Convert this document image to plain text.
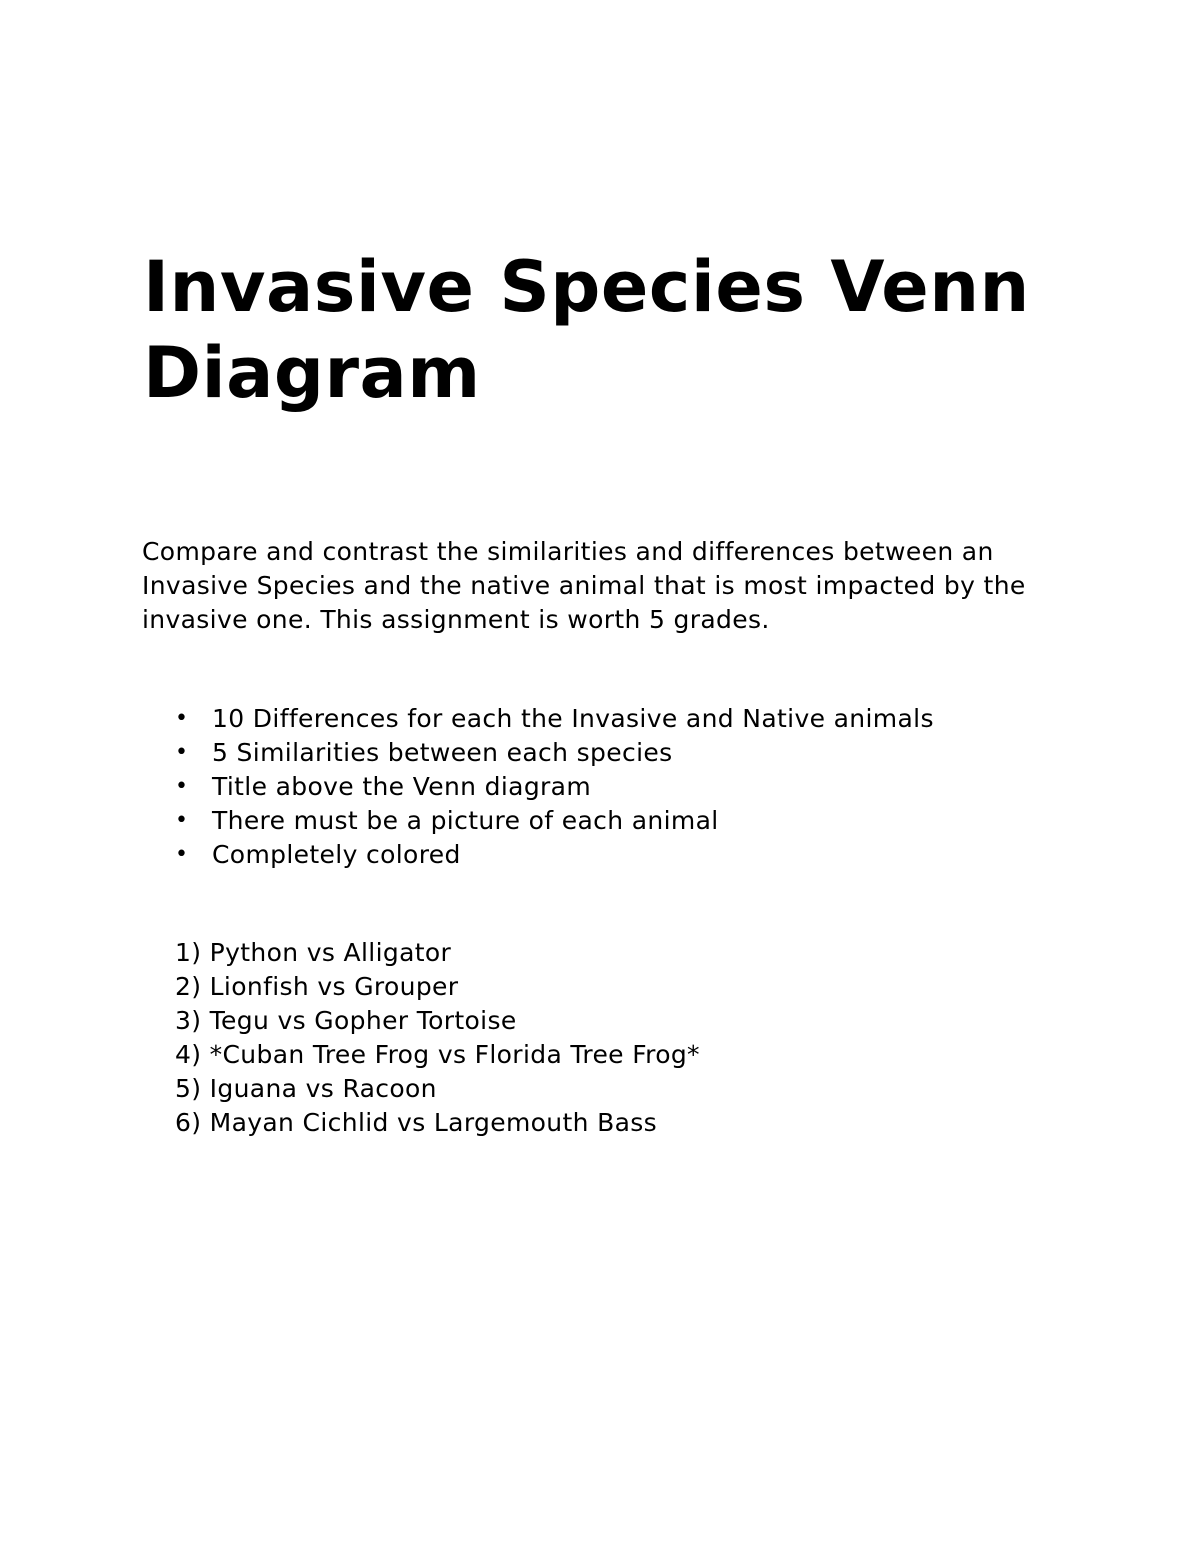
Invasive Species Venn Diagram

Compare and contrast the similarities and differences between an Invasive Species and the native animal that is most impacted by the invasive one. This assignment is worth 5 grades.

• 10 Differences for each the Invasive and Native animals
• 5 Similarities between each species
• Title above the Venn diagram
• There must be a picture of each animal
• Completely colored
1) Python vs Alligator
2) Lionfish vs Grouper
3) Tegu vs Gopher Tortoise
4) *Cuban Tree Frog vs Florida Tree Frog*
5) Iguana vs Racoon
6) Mayan Cichlid vs Largemouth Bass
